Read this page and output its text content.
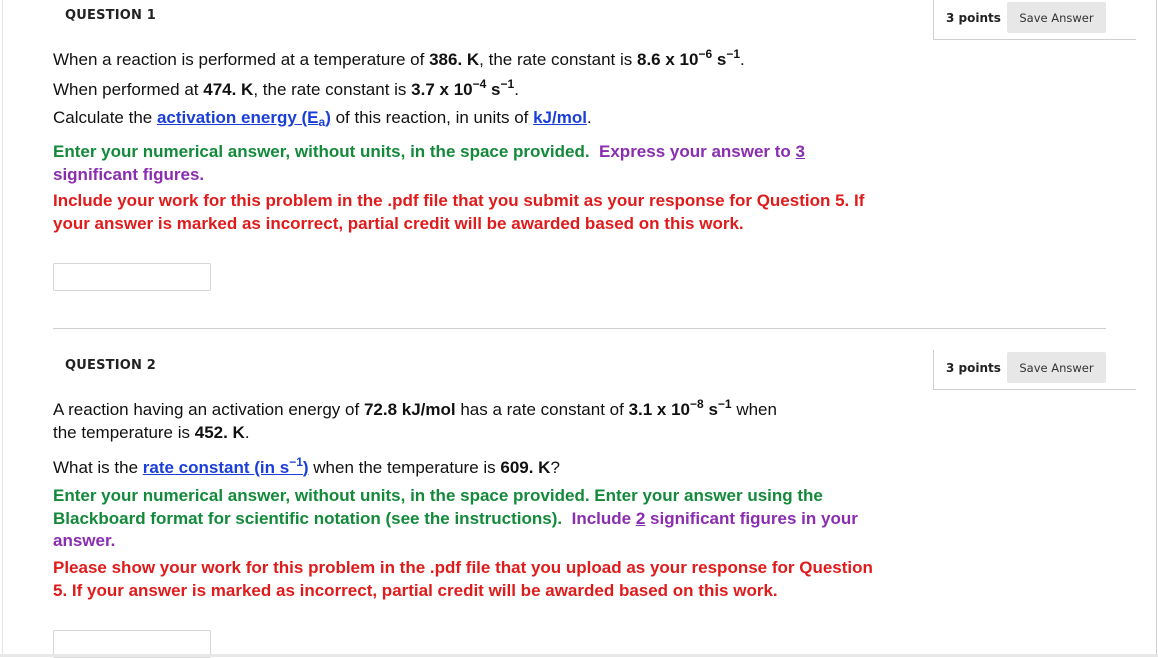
QUESTION 1	3 points	Save Answer
When a reaction is performed at a temperature of 386. K, the rate constant is 8.6 x $10^{-6}$ $s^{-1}$.
When performed at 474. K, the rate constant is 3.7 x $10^{-4}$ $s^{-1}$.
Calculate the activation energy $(E_a)$ of this reaction, in units of kJ/mol.
Enter your numerical answer, without units, in the space provided. Express your answer to 3 significant figures.
Include your work for this problem in the .pdf file that you submit as your response for Question 5. If your answer is marked as incorrect, partial credit will be awarded based on this work.
QUESTION 2	3 points	Save Answer
A reaction having an activation energy of 72.8 kJ/mol has a rate constant of 3.1 x $10^{-8}$ $s^{-1}$ when
the temperature is 452. K.
What is the rate constant (in $s^{-1}$) when the temperature is 609. K?
Enter your numerical answer, without units, in the space provided. Enter your answer using the Blackboard format for scientific notation (see the instructions). Include 2 significant figures in your answer.
Please show your work for this problem in the .pdf file that you upload as your response for Question 5. If your answer is marked as incorrect, partial credit will be awarded based on this work.
